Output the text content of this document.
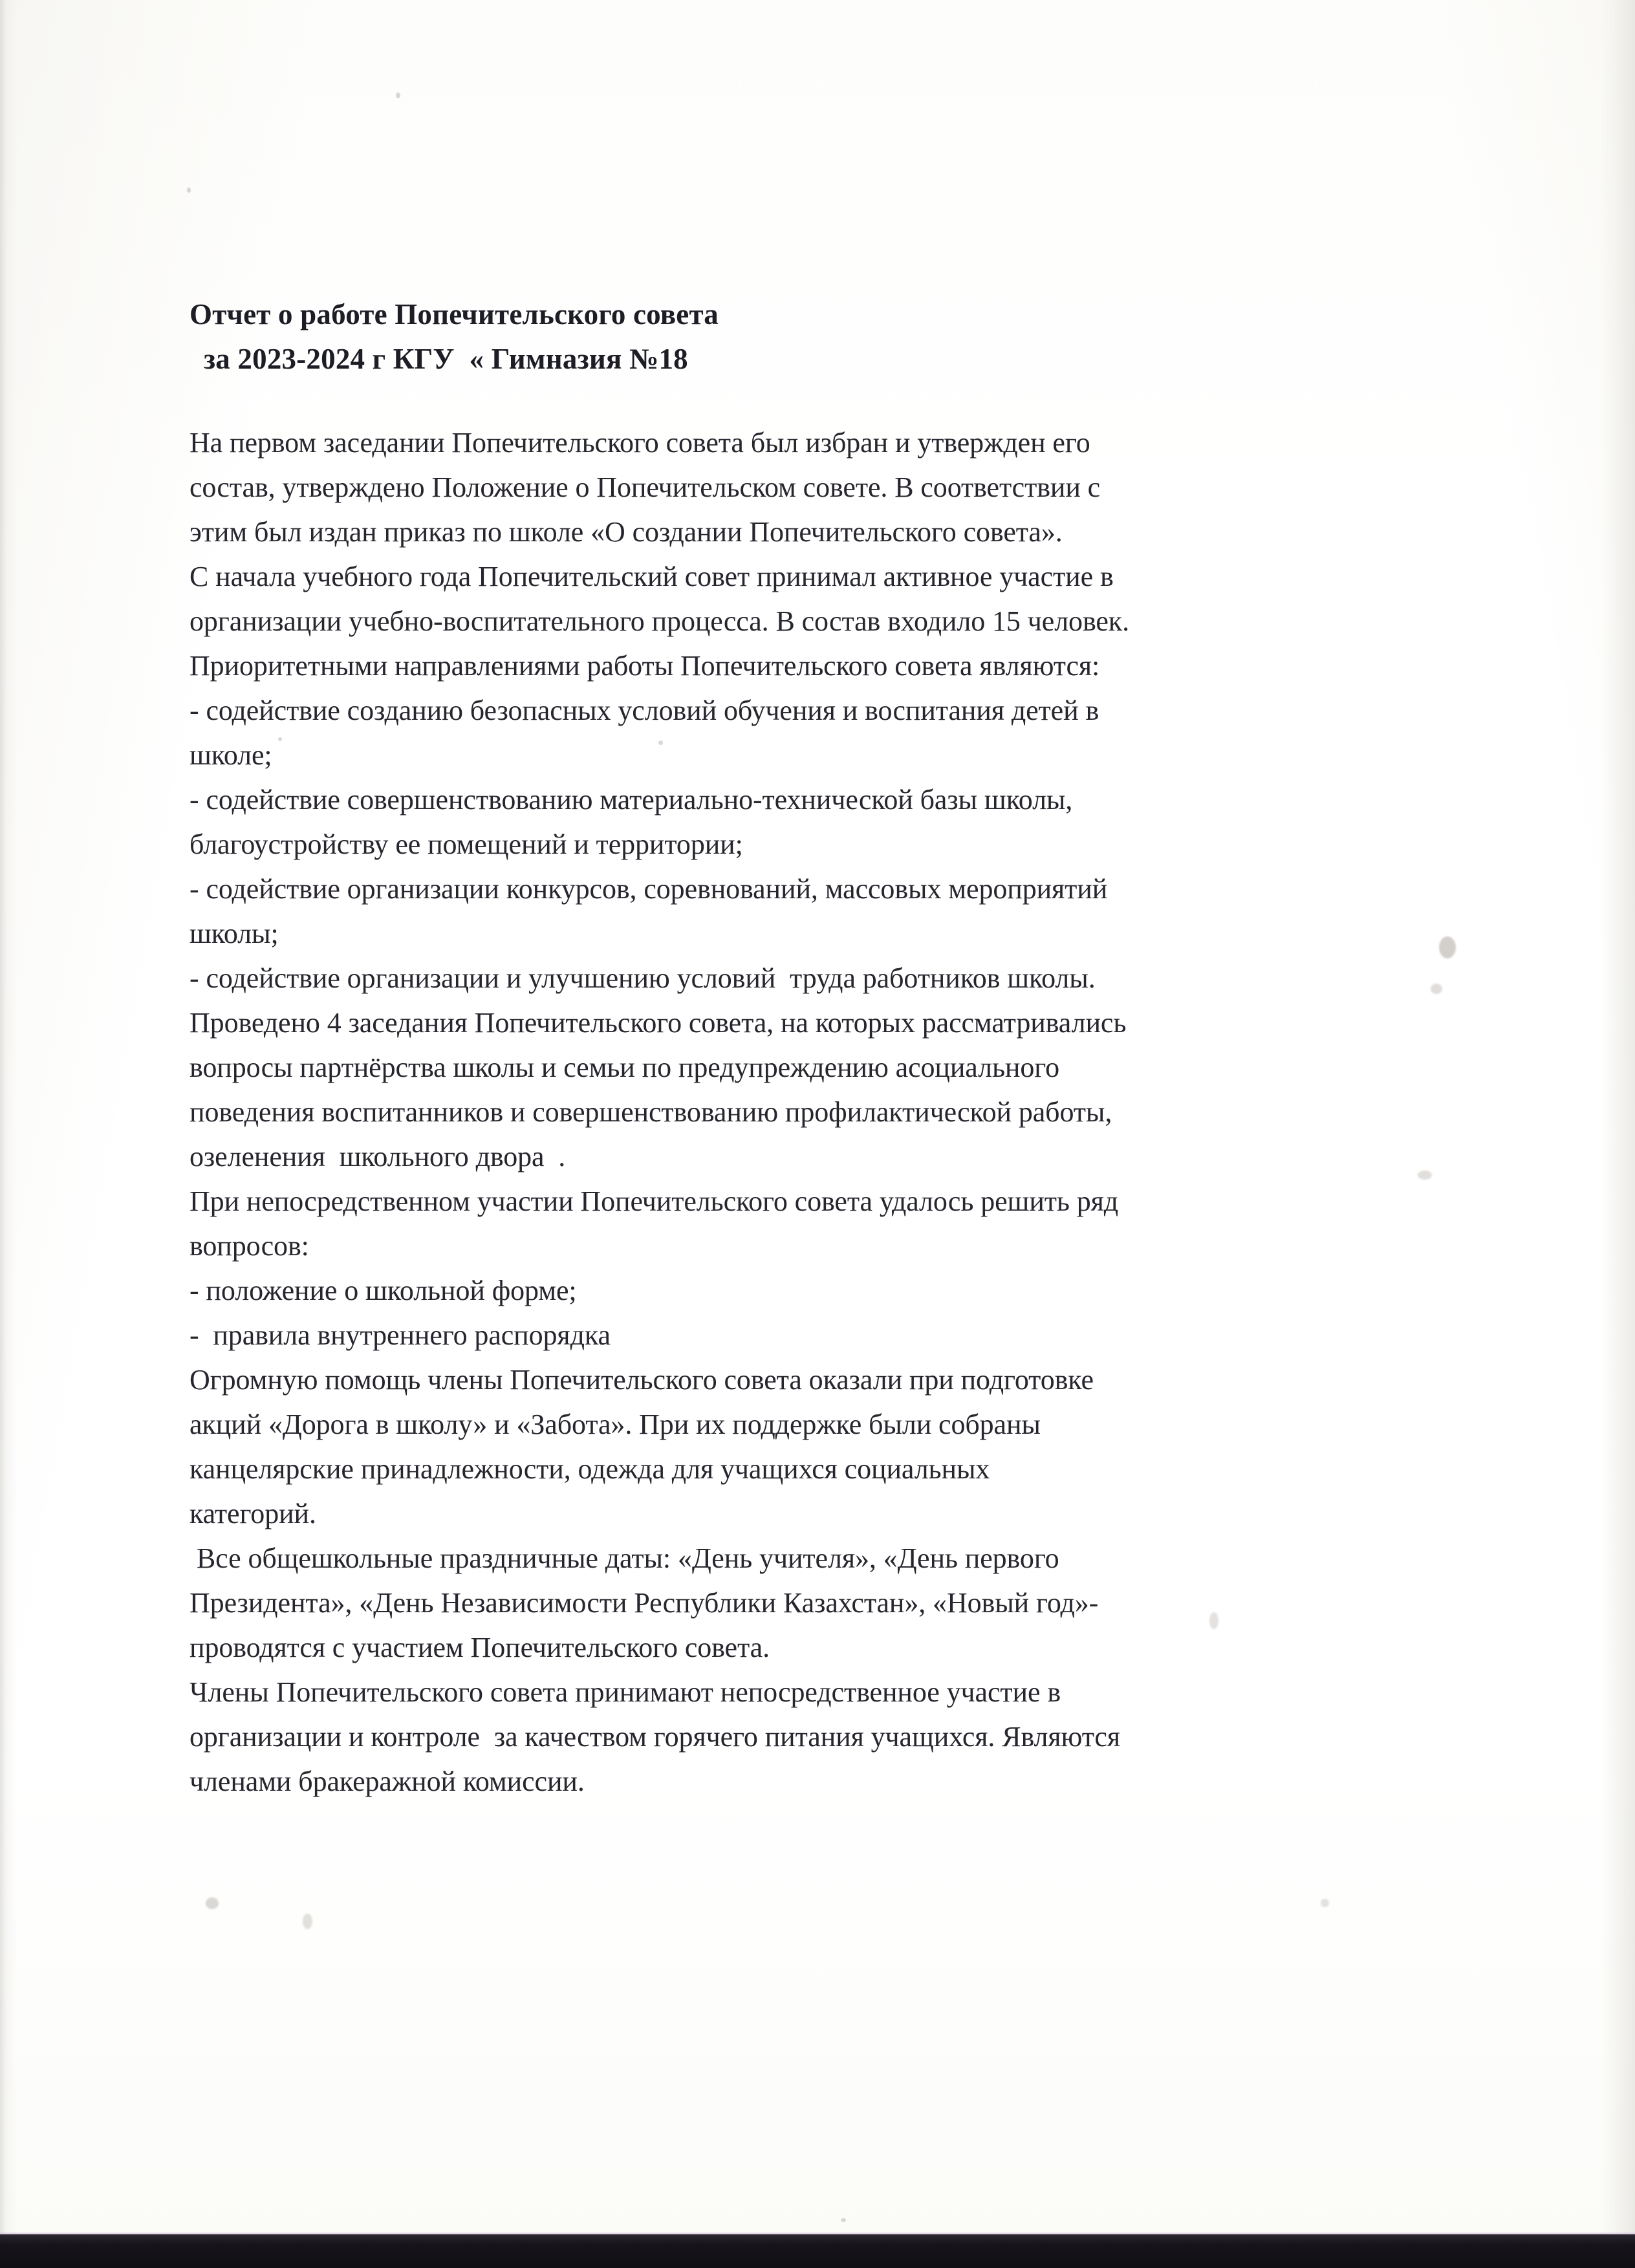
Отчет о работе Попечительского совета
за 2023-2024 г КГУ  « Гимназия №18
На первом заседании Попечительского совета был избран и утвержден его
состав, утверждено Положение о Попечительском совете. В соответствии с
этим был издан приказ по школе «О создании Попечительского совета».
С начала учебного года Попечительский совет принимал активное участие в
организации учебно-воспитательного процесса. В состав входило 15 человек.
Приоритетными направлениями работы Попечительского совета являются:
- содействие созданию безопасных условий обучения и воспитания детей в
школе;
- содействие совершенствованию материально-технической базы школы,
благоустройству ее помещений и территории;
- содействие организации конкурсов, соревнований, массовых мероприятий
школы;
- содействие организации и улучшению условий  труда работников школы.
Проведено 4 заседания Попечительского совета, на которых рассматривались
вопросы партнёрства школы и семьи по предупреждению асоциального
поведения воспитанников и совершенствованию профилактической работы,
озеленения  школьного двора  .
При непосредственном участии Попечительского совета удалось решить ряд
вопросов:
- положение о школьной форме;
-  правила внутреннего распорядка
Огромную помощь члены Попечительского совета оказали при подготовке
акций «Дорога в школу» и «Забота». При их поддержке были собраны
канцелярские принадлежности, одежда для учащихся социальных
категорий.
Все общешкольные праздничные даты: «День учителя», «День первого
Президента», «День Независимости Республики Казахстан», «Новый год»-
проводятся с участием Попечительского совета.
Члены Попечительского совета принимают непосредственное участие в
организации и контроле  за качеством горячего питания учащихся. Являются
членами бракеражной комиссии.
